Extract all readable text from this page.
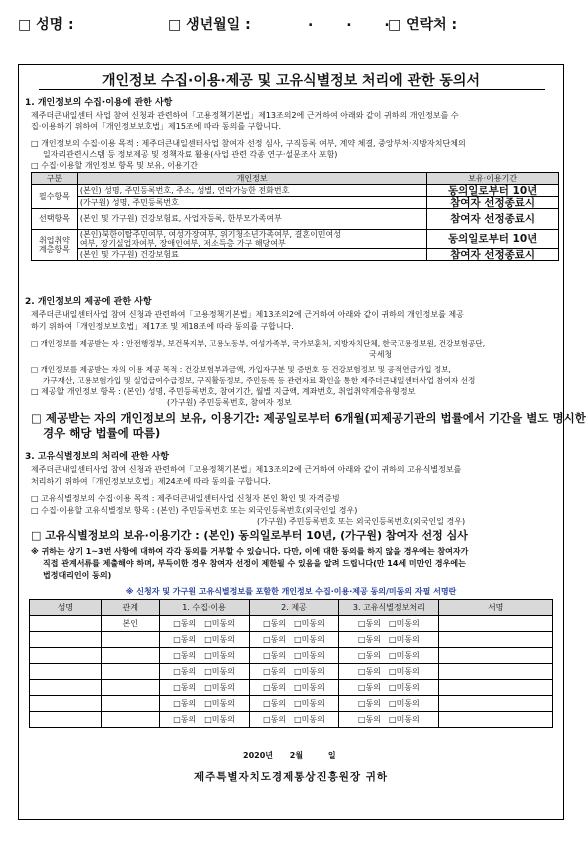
□ 성명 :	□ 생년월일 :	. . .
□ 연락처 :
개인정보 수집·이용·제공 및 고유식별정보 처리에 관한 동의서
1. 개인정보의 수집·이용에 관한 사항
제주더큰내일센터 사업 참여 신청과 관련하여「고용정책기본법」제13조의2에 근거하여 아래와 같이 귀하의 개인정보를 수
집·이용하기 위하여「개인정보보호법」제15조에 따라 동의를 구합니다.
□ 개인정보의 수집·이용 목적 : 제주더큰내일센터사업 참여자 선정 심사, 구직등록 여부, 계약 체결, 중앙부처·지방자치단체의
일자리관련시스템 등 정보제공 및 정책자료 활용(사업 관련 각종 연구·설문조사 포함)
□ 수집·이용할 개인정보 항목 및 보유, 이용기간
구분	개인정보	보유·이용기간
필수항목	(본인) 성명, 주민등록번호, 주소, 성별, 연락가능한 전화번호	동의일로부터 10년
	(가구원) 성명, 주민등록번호	참여자 선정종료시
선택항목	(본인 및 가구원) 건강보험료, 사업자등록, 한부모가족여부	참여자 선정종료시
취업취약
계층항목	(본인)북한이탈주민여부, 여성가장여부, 위기청소년가족여부, 결혼이민여성
여부, 장기실업자여부, 장애인여부, 저소득층 가구 해당여부	동의일로부터 10년
	(본인 및 가구원) 건강보험료	참여자 선정종료시
2. 개인정보의 제공에 관한 사항
제주더큰내일센터사업 참여 신청과 관련하여「고용정책기본법」제13조의2에 근거하여 아래와 같이 귀하의 개인정보를 제공
하기 위하여「개인정보보호법」제17조 및 제18조에 따라 동의를 구합니다.
□ 개인정보를 제공받는 자 : 안전행정부, 보건복지부, 고용노동부, 여성가족부, 국가보훈처, 지방자치단체, 한국고용정보원, 건강보험공단,
국세청
□ 개인정보를 제공받는 자의 이용 제공 목적 : 건강보험부과금액, 가입자구분 및 증번호 등 건강보험정보 및 공적연금가입 정보,
가구재산, 고용보험가입 및 실업급여수급정보, 구직활동정보, 주민등록 등 관련자료 확인을 통한 제주더큰내일센터사업 참여자 선정
□ 제공할 개인정보 항목 : (본인) 성명, 주민등록번호, 참여기간, 월별 지급액, 계좌번호, 취업취약계층유형정보
(가구원) 주민등록번호, 참여자 정보
□ 제공받는 자의 개인정보의 보유, 이용기간: 제공일로부터 6개월(피제공기관의 법률에서 기간을 별도 명시한
경우 해당 법률에 따름)
3. 고유식별정보의 처리에 관한 사항
제주더큰내일센터사업 참여 신청과 관련하여「고용정책기본법」제13조의2에 근거하여 아래와 같이 귀하의 고유식별정보를
처리하기 위하여「개인정보보호법」제24조에 따라 동의를 구합니다.
□ 고유식별정보의 수집·이용 목적 : 제주더큰내일센터사업 신청자 본인 확인 및 자격증빙
□ 수집·이용할 고유식별정보 항목 : (본인) 주민등록번호 또는 외국인등록번호(외국인일 경우)
(가구원) 주민등록번호 또는 외국인등록번호(외국인일 경우)
□ 고유식별정보의 보유·이용기간 : (본인) 동의일로부터 10년, (가구원) 참여자 선정 심사
※ 귀하는 상기 1~3번 사항에 대하여 각각 동의를 거부할 수 있습니다. 다만, 이에 대한 동의를 하지 않을 경우에는 참여자가
직접 관계서류를 제출해야 하며, 부득이한 경우 참여자 선정이 제한될 수 있음을 알려 드립니다(만 14세 미만인 경우에는
법정대리인이 동의)
※ 신청자 및 가구원 고유식별정보를 포함한 개인정보 수집·이용·제공 동의/미동의 자필 서명란
성명	관계	1. 수집·이용	2. 제공	3. 고유식별정보처리	서명
	본인	□동의 □미동의	□동의 □미동의	□동의 □미동의	
		□동의 □미동의	□동의 □미동의	□동의 □미동의	
		□동의 □미동의	□동의 □미동의	□동의 □미동의	
		□동의 □미동의	□동의 □미동의	□동의 □미동의	
		□동의 □미동의	□동의 □미동의	□동의 □미동의	
		□동의 □미동의	□동의 □미동의	□동의 □미동의	
		□동의 □미동의	□동의 □미동의	□동의 □미동의	
2020년 2월	일
제주특별자치도경제통상진흥원장 귀하
